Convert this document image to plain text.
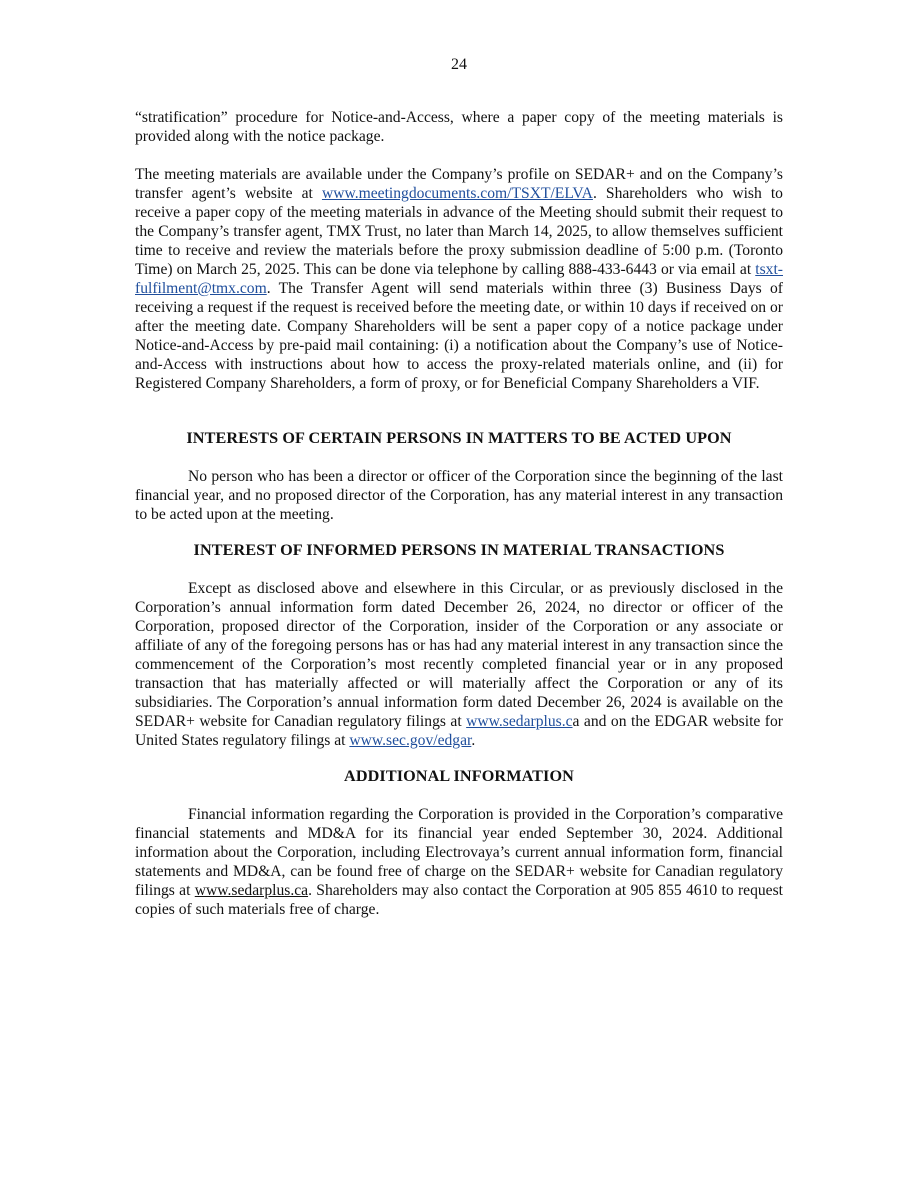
24

“stratification” procedure for Notice-and-Access, where a paper copy of the meeting materials is provided along with the notice package.

The meeting materials are available under the Company’s profile on SEDAR+ and on the Company’s transfer agent’s website at www.meetingdocuments.com/TSXT/ELVA. Shareholders who wish to receive a paper copy of the meeting materials in advance of the Meeting should submit their request to the Company’s transfer agent, TMX Trust, no later than March 14, 2025, to allow themselves sufficient time to receive and review the materials before the proxy submission deadline of 5:00 p.m. (Toronto Time) on March 25, 2025. This can be done via telephone by calling 888-433-6443 or via email at tsxt-fulfilment@tmx.com. The Transfer Agent will send materials within three (3) Business Days of receiving a request if the request is received before the meeting date, or within 10 days if received on or after the meeting date. Company Shareholders will be sent a paper copy of a notice package under Notice-and-Access by pre-paid mail containing: (i) a notification about the Company’s use of Notice-and-Access with instructions about how to access the proxy-related materials online, and (ii) for Registered Company Shareholders, a form of proxy, or for Beneficial Company Shareholders a VIF.

INTERESTS OF CERTAIN PERSONS IN MATTERS TO BE ACTED UPON

No person who has been a director or officer of the Corporation since the beginning of the last financial year, and no proposed director of the Corporation, has any material interest in any transaction to be acted upon at the meeting.

INTEREST OF INFORMED PERSONS IN MATERIAL TRANSACTIONS

Except as disclosed above and elsewhere in this Circular, or as previously disclosed in the Corporation’s annual information form dated December 26, 2024, no director or officer of the Corporation, proposed director of the Corporation, insider of the Corporation or any associate or affiliate of any of the foregoing persons has or has had any material interest in any transaction since the commencement of the Corporation’s most recently completed financial year or in any proposed transaction that has materially affected or will materially affect the Corporation or any of its subsidiaries. The Corporation’s annual information form dated December 26, 2024 is available on the SEDAR+ website for Canadian regulatory filings at www.sedarplus.ca and on the EDGAR website for United States regulatory filings at www.sec.gov/edgar.

ADDITIONAL INFORMATION

Financial information regarding the Corporation is provided in the Corporation’s comparative financial statements and MD&A for its financial year ended September 30, 2024. Additional information about the Corporation, including Electrovaya’s current annual information form, financial statements and MD&A, can be found free of charge on the SEDAR+ website for Canadian regulatory filings at www.sedarplus.ca. Shareholders may also contact the Corporation at 905 855 4610 to request copies of such materials free of charge.
